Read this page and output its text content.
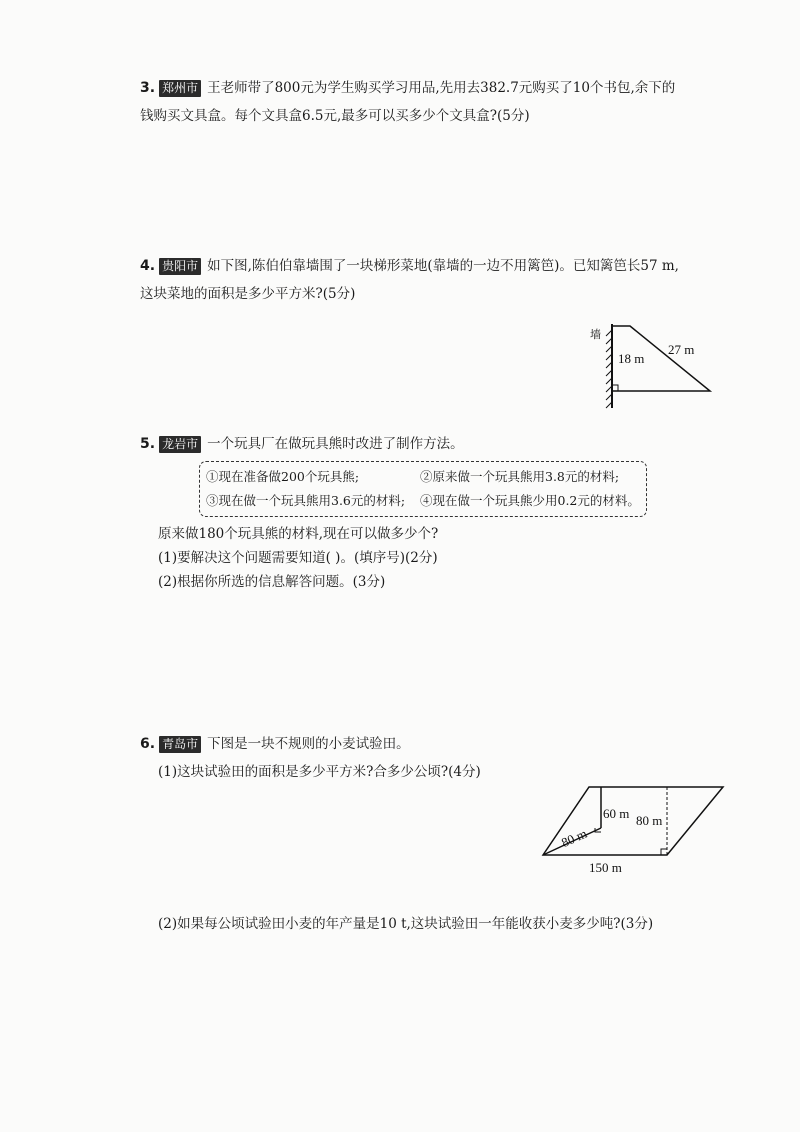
3. 郑州市 王老师带了800元为学生购买学习用品,先用去382.7元购买了10个书包,余下的
钱购买文具盒。每个文具盒6.5元,最多可以买多少个文具盒?(5分)
4. 贵阳市 如下图,陈伯伯靠墙围了一块梯形菜地(靠墙的一边不用篱笆)。已知篱笆长57 m,
这块菜地的面积是多少平方米?(5分)
墙
18 m
27 m
5. 龙岩市 一个玩具厂在做玩具熊时改进了制作方法。
①现在准备做200个玩具熊;	②原来做一个玩具熊用3.8元的材料;
③现在做一个玩具熊用3.6元的材料; ④现在做一个玩具熊少用0.2元的材料。
原来做180个玩具熊的材料,现在可以做多少个?
(1)要解决这个问题需要知道( )。(填序号)(2分)
(2)根据你所选的信息解答问题。(3分)
6. 青岛市 下图是一块不规则的小麦试验田。
(1)这块试验田的面积是多少平方米?合多少公顷?(4分)
60 m 80 m
80 m
150 m
(2)如果每公顷试验田小麦的年产量是10 t,这块试验田一年能收获小麦多少吨?(3分)
